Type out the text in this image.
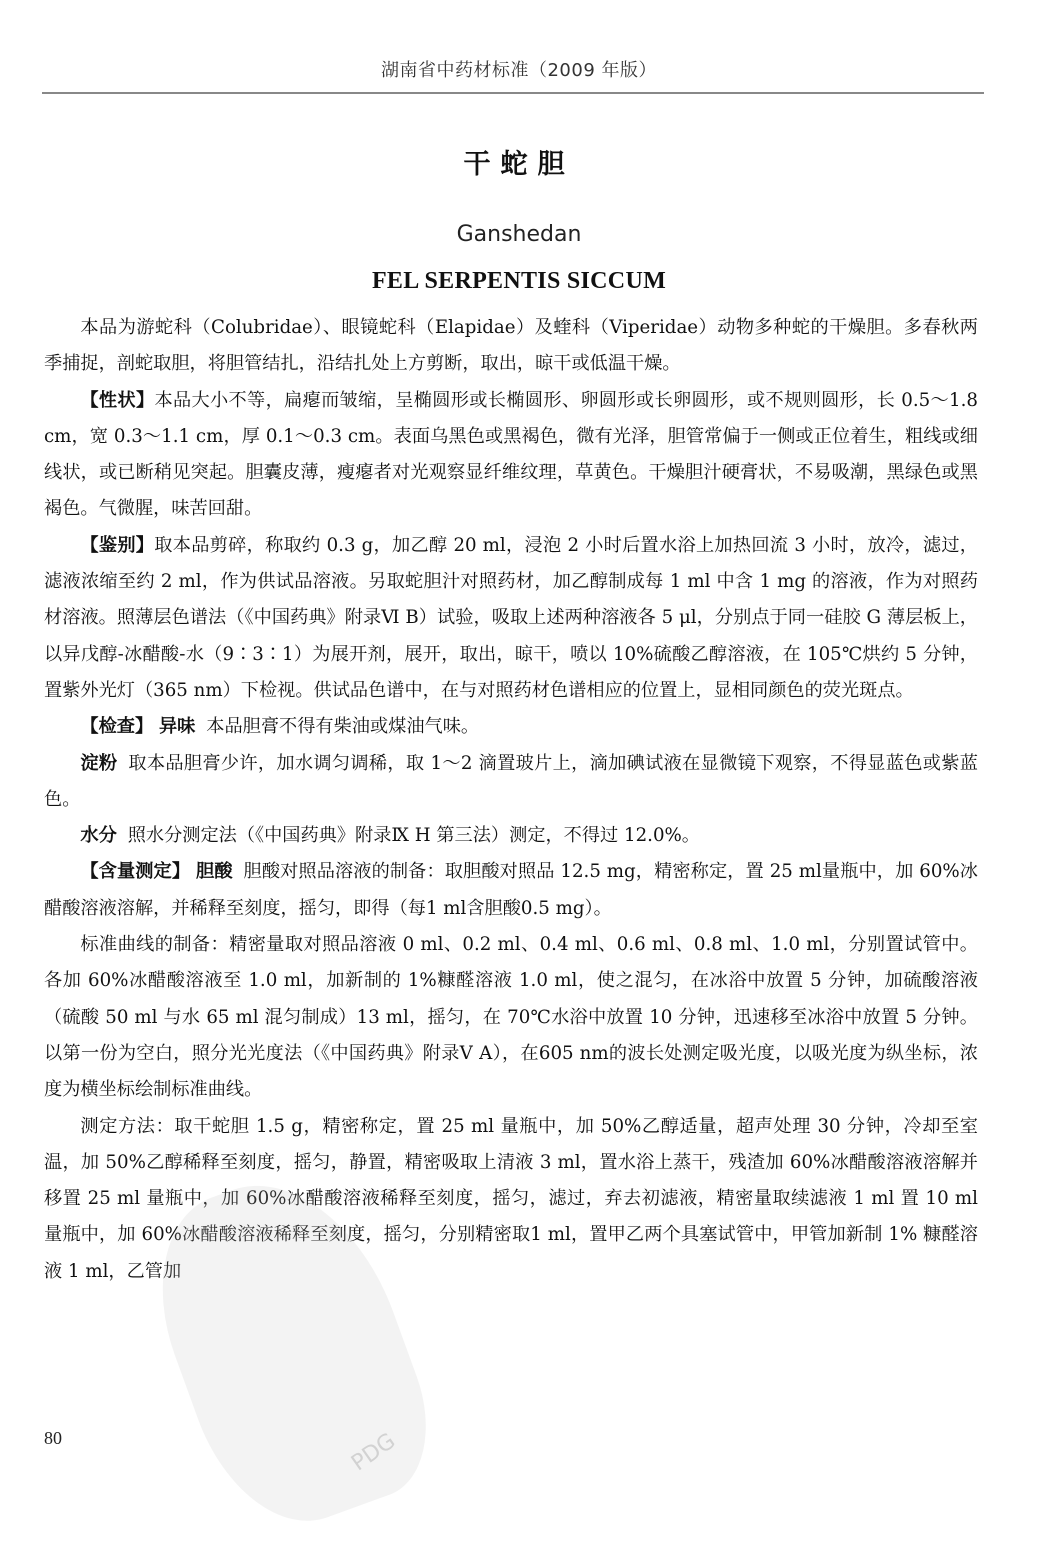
湖南省中药材标准（2009 年版）
干蛇胆
Ganshedan
FEL SERPENTIS SICCUM

本品为游蛇科（Colubridae）、眼镜蛇科（Elapidae）及蝰科（Viperidae）动物多种蛇的干燥胆。多春秋两季捕捉，剖蛇取胆，将胆管结扎，沿结扎处上方剪断，取出，晾干或低温干燥。

【性状】本品大小不等，扁瘪而皱缩，呈椭圆形或长椭圆形、卵圆形或长卵圆形，或不规则圆形，长 0.5～1.8 cm，宽 0.3～1.1 cm，厚 0.1～0.3 cm。表面乌黑色或黑褐色，微有光泽，胆管常偏于一侧或正位着生，粗线或细线状，或已断稍见突起。胆囊皮薄，瘦瘪者对光观察显纤维纹理，草黄色。干燥胆汁硬膏状，不易吸潮，黑绿色或黑褐色。气微腥，味苦回甜。

【鉴别】取本品剪碎，称取约 0.3 g，加乙醇 20 ml，浸泡 2 小时后置水浴上加热回流 3 小时，放冷，滤过，滤液浓缩至约 2 ml，作为供试品溶液。另取蛇胆汁对照药材，加乙醇制成每 1 ml 中含 1 mg 的溶液，作为对照药材溶液。照薄层色谱法（《中国药典》附录Ⅵ B）试验，吸取上述两种溶液各 5 μl，分别点于同一硅胶 G 薄层板上，以异戊醇-冰醋酸-水（9∶3∶1）为展开剂，展开，取出，晾干，喷以 10%硫酸乙醇溶液，在 105℃烘约 5 分钟，置紫外光灯（365 nm）下检视。供试品色谱中，在与对照药材色谱相应的位置上，显相同颜色的荧光斑点。

【检查】 异味 本品胆膏不得有柴油或煤油气味。

淀粉 取本品胆膏少许，加水调匀调稀，取 1～2 滴置玻片上，滴加碘试液在显微镜下观察，不得显蓝色或紫蓝色。

水分 照水分测定法（《中国药典》附录Ⅸ H 第三法）测定，不得过 12.0%。

【含量测定】 胆酸 胆酸对照品溶液的制备：取胆酸对照品 12.5 mg，精密称定，置 25 ml量瓶中，加 60%冰醋酸溶液溶解，并稀释至刻度，摇匀，即得（每1 ml含胆酸0.5 mg）。

标准曲线的制备：精密量取对照品溶液 0 ml、0.2 ml、0.4 ml、0.6 ml、0.8 ml、1.0 ml，分别置试管中。各加 60%冰醋酸溶液至 1.0 ml，加新制的 1%糠醛溶液 1.0 ml，使之混匀，在冰浴中放置 5 分钟，加硫酸溶液（硫酸 50 ml 与水 65 ml 混匀制成）13 ml，摇匀，在 70℃水浴中放置 10 分钟，迅速移至冰浴中放置 5 分钟。以第一份为空白，照分光光度法（《中国药典》附录Ⅴ A），在605 nm的波长处测定吸光度，以吸光度为纵坐标，浓度为横坐标绘制标准曲线。

测定方法：取干蛇胆 1.5 g，精密称定，置 25 ml 量瓶中，加 50%乙醇适量，超声处理 30 分钟，冷却至室温，加 50%乙醇稀释至刻度，摇匀，静置，精密吸取上清液 3 ml，置水浴上蒸干，残渣加 60%冰醋酸溶液溶解并移置 25 ml 量瓶中，加 60%冰醋酸溶液稀释至刻度，摇匀，滤过，弃去初滤液，精密量取续滤液 1 ml 置 10 ml 量瓶中，加 60%冰醋酸溶液稀释至刻度，摇匀，分别精密取1 ml，置甲乙两个具塞试管中，甲管加新制 1% 糠醛溶液 1 ml，乙管加

PDG
80
